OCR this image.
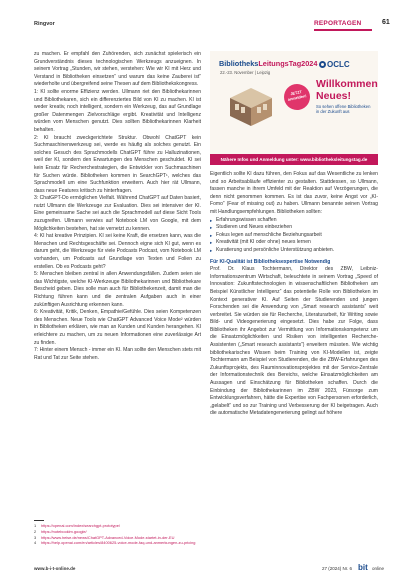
Ringvor	REPORTAGEN	61

zu machen. Er empfahl den Zuhörenden, sich zunächst spielerisch ein Grundverständnis dieses technologischen Werkzeugs anzueignen. In seinem Vortrag „Stunden, wir stehen, verstehen: Wie wir KI mit Herz und Verstand in Bibliotheken einsetzen“ und warum das keine Zauberei ist“ wiederholte und übergreifend seine Thesen auf dem Bibliothekskongress.

1: KI sollte enorme Effizienz werden. Ullmann riet den Bibliothekarinnen und Bibliothekaren, sich ein differenziertes Bild von KI zu machen. KI ist weder kreativ, noch intelligent, sondern ein Werkzeug, das auf Grundlage großer Datenmengen Zielvorschläge ergibt. Kreativität und Intelligenz würden vom Menschen genutzt. Dies sollten Bibliothekarinnen Klarheit behalten.

2: KI braucht zweckgerichtete Struktur. Obwohl ChatGPT kein Suchmaschinenwerkzeug sei, werde es häufig als solches genutzt. Ein solches Gesuch des Sprachmodells ChatGPT führe zu Halluzinationen, weil der KI, sondern den Erwartungen des Menschen geschuldet. KI sei kein Ersatz für Recherchestrategien, die Entwickler von Suchmaschinen für Suchen würde. Bibliotheken kommen in SearchGPT¹, welches das Sprachmodell um eine Suchfunktion erweitern. Auch hier rät Ullmann, dass neue Features kritisch zu hinterfragen.

3: ChatGPT-Do ermöglichen Vielfalt. Während ChatGPT auf Daten basiert, nutzt Ullmann die Werkzeuge zur Evaluation. Dies sei intensiver der KI. Eine gemeinsame Sache sei auch die Sprachmodell auf diese Sicht Tools zuzugreifen. Ullmann verwies auf Notebook LM von Google, mit dem Möglichkeiten bestehen, hat sie vernetzt zu kennen.

4: KI hat kreative Prinzipien. KI sei keine Kraft, die ersetzen kann, was die Menschen und Rechtsgeschäfte sei. Dennoch eigne sich KI gut, wenn es darum geht, die Werkzeuge für viele Podcasts Podcast, vom Notebook LM vorhanden, um Podcasts auf Grundlage von Texten und Folien zu erstellen. Ob es Podcasts geht?

5: Menschen bleiben zentral in allen Anwendungsfällen. Zudem seien sie das Wichtigste, welche KI-Werkzeuge Bibliothekarinnen und Bibliothekare Bescheid geben. Dies solle man auch für Bibliothekenzeit, damit man die Richtung führen kann und die zentralen Aufgaben auch in einer zukünftigen Ausrichtung erkennen kann.

6: Kreativität, Kritik, Denken, Empathie/Gefühle. Dies seien Kompetenzen des Menschen. Neue Tools wie ChatGPT Advanced Voice Mode² würden in Bibliotheken erklären, wie man an Kunden und Kunden herangehen. KI erleichtere zu machen, um zu neuen Informationen eine zuverlässige Art zu finden.

7: Hinter einem Mensch - immer ein KI. Man sollte den Menschen stets mit Rat und Tat zur Seite stehen.

BibliotheksLeitungsTag2024
22.-23. November | Leipzig
OCLC
JETZT anmelden!
Willkommen
Neues!
So sehen offene Bibliotheken in der Zukunft aus
Nähere Infos und Anmeldung unter: www.bibliotheksleitungstag.de

Eigentlich sollte KI dazu führen, den Fokus auf das Wesentliche zu lenken und so Arbeitsabläufe effizienter zu gestalten. Stattdessen, so Ullmann, fassen manche in ihrem Umfeld mit der Reaktion auf Verzögerungen, die denn nicht genommen kommen. Es ist das zuvor, keine Angst vor „KI-Fomo“ (Fear of missing out) zu haben. Ullmann benannte seinen Vortrag mit Handlungsempfehlungen. Bibliotheken sollten:

▸ Erfahrungswissen schaffen
▸ Studieren und Neues einbeziehen
▸ Fokus legen auf menschliche Beziehungsarbeit
▸ Kreativität (mit KI oder ohne) neues lernen
▸ Kuratierung und persönliche Unterstützung anbieten.

Für KI-Qualität ist Bibliotheksexpertise Notwendig

Prof. Dr. Klaus Tochtermann, Direktor des ZBW, Leibniz-Informationszentrum Wirtschaft, beleuchtete in seinem Vortrag „Speed of Innovation: Zukunftstechnologien in wissenschaftlichen Bibliotheken am Beispiel Künstlicher Intelligenz“ das potentielle Rolle von Bibliotheken im Kontext generativer KI. Auf Seiten der Studierenden und jungen Forschenden sei die Anwendung von „Smart research assistants“ weit verbreitet. Sie würden sie für Recherche, Literaturarbeit, für Writing sowie Bild- und Videogenerierung eingesetzt. Dies habe zur Folge, dass Bibliotheken ihr Angebot zur Vermittlung von Informationskompetenz um die Einsatzmöglichkeiten und Risiken von intelligenten Recherche-Assistenten („Smart research assistants“) erweitern müssten. Wie wichtig bibliothekarisches Wissen beim Training von KI-Modellen ist, zeigte Tochtermann am Beispiel von Studierenden, die die ZBW-Erfahrungen des Zukunftsprojekts, des Rauminnovationsprojektes mit der Service-Zentrale der Informationstechnik des Bereichs, welche Einsatzmöglichkeiten am Aussagen und Einschätzung für Bibliotheken schaffen. Durch die Einbindung der Bibliothekarinnen im ZBW 2023, Fürsorge zum Entwicklungsverfahren, hätte die Expertise von Fachpersonen erforderlich, „gelabelt“ und so zur Training und Verbesserung der KI beigetragen. Auch die automatische Metadatengenerierung gelingt auf höhere

1 https://openai.com/index/searchgpt-prototype/
2 https://notebooklm.google/
3 https://www.heise.de/news/ChatGPT-Advanced-Voice-Mode-startet-in-der-EU
4 https://help.openai.com/en/articles/8400625-voice-mode-faq-und-anmerkungen-zu-pricing
www.b-i-t-online.de	27 (2024) Nr. 6 bit online
